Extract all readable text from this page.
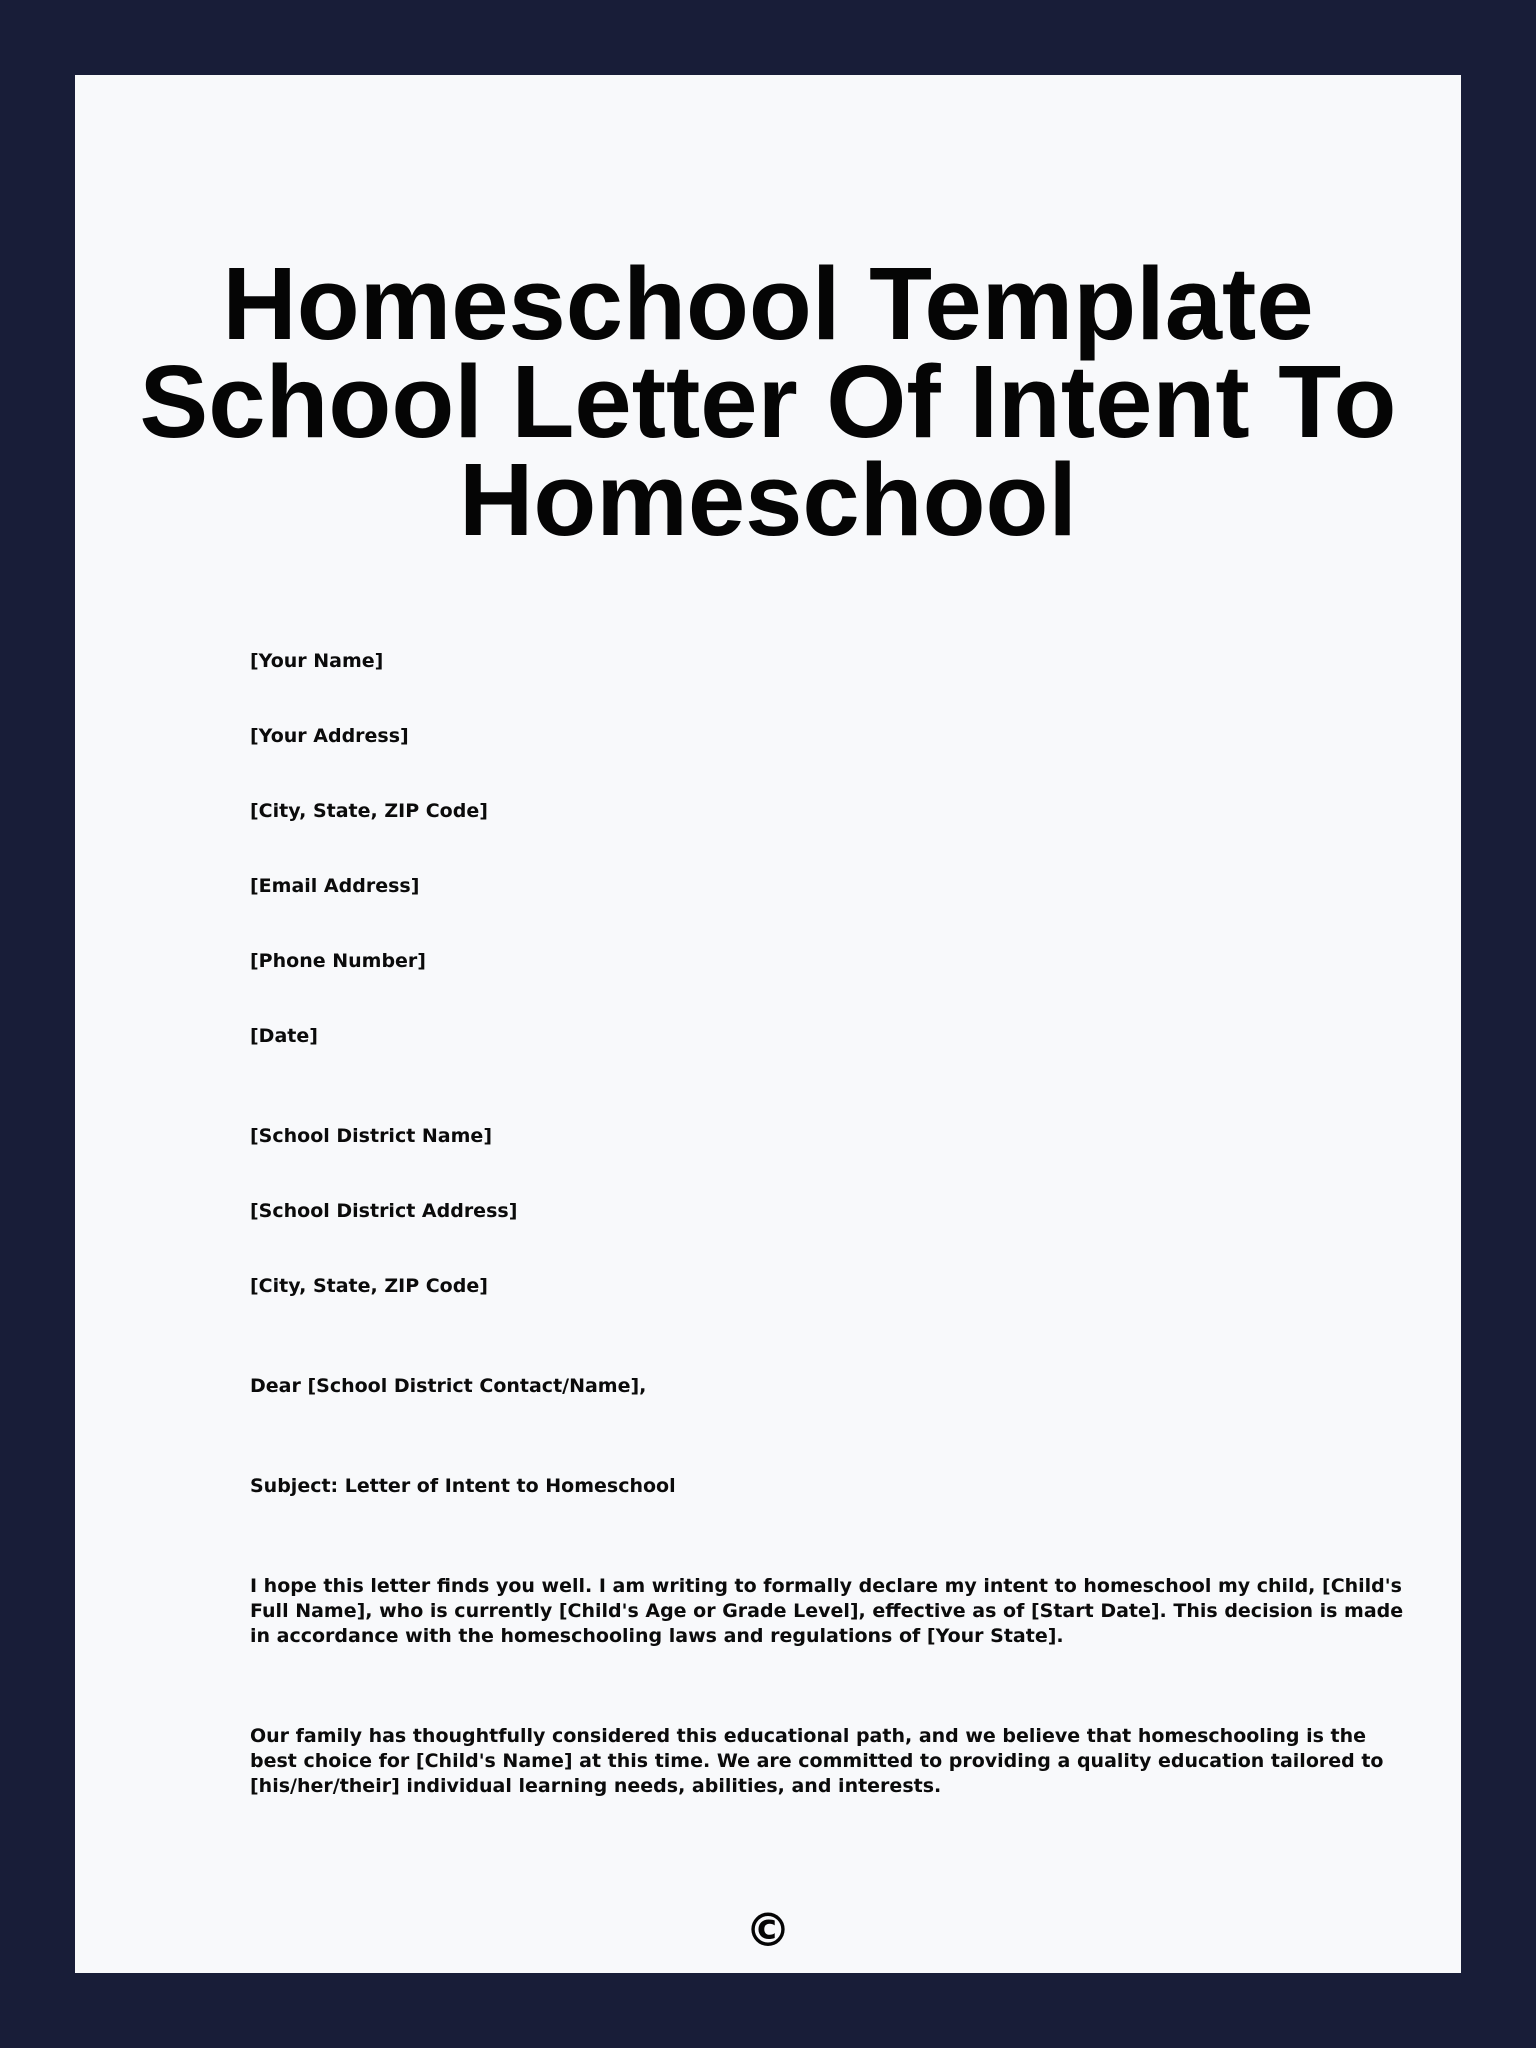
Homeschool Template
School Letter Of Intent To
Homeschool

[Your Name]

[Your Address]

[City, State, ZIP Code]

[Email Address]

[Phone Number]

[Date]

[School District Name]

[School District Address]

[City, State, ZIP Code]

Dear [School District Contact/Name],

Subject: Letter of Intent to Homeschool

I hope this letter finds you well. I am writing to formally declare my intent to homeschool my child, [Child's
Full Name], who is currently [Child's Age or Grade Level], effective as of [Start Date]. This decision is made
in accordance with the homeschooling laws and regulations of [Your State].
Our family has thoughtfully considered this educational path, and we believe that homeschooling is the
best choice for [Child's Name] at this time. We are committed to providing a quality education tailored to
[his/her/their] individual learning needs, abilities, and interests.
©
